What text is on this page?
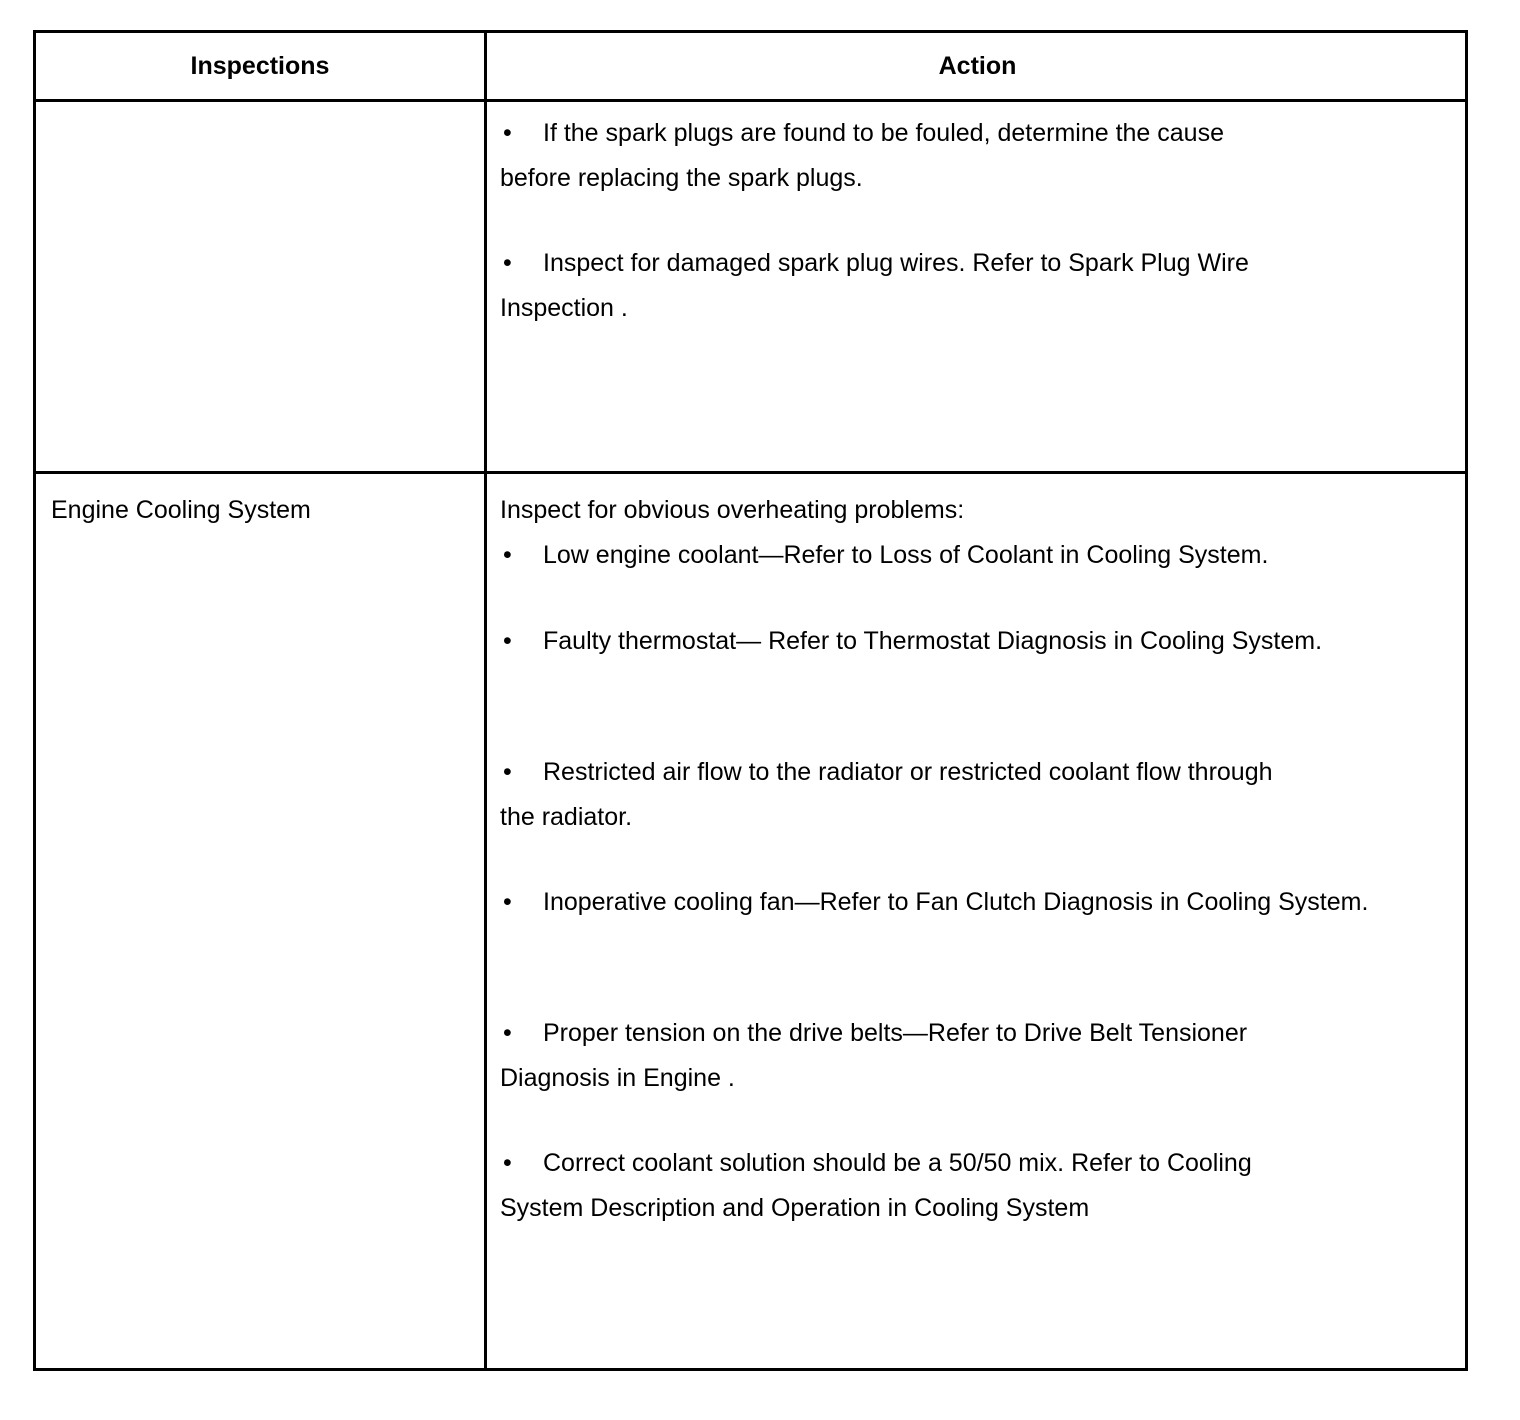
Inspections	Action
• If the spark plugs are found to be fouled, determine the cause
before replacing the spark plugs.
• Inspect for damaged spark plug wires. Refer to Spark Plug Wire
Inspection .
Engine Cooling System	Inspect for obvious overheating problems:
• Low engine coolant—Refer to Loss of Coolant in Cooling System.
• Faulty thermostat— Refer to Thermostat Diagnosis in Cooling System.
• Restricted air flow to the radiator or restricted coolant flow through
the radiator.
• Inoperative cooling fan—Refer to Fan Clutch Diagnosis in Cooling System.
• Proper tension on the drive belts—Refer to Drive Belt Tensioner
Diagnosis in Engine .
• Correct coolant solution should be a 50/50 mix. Refer to Cooling
System Description and Operation in Cooling System
